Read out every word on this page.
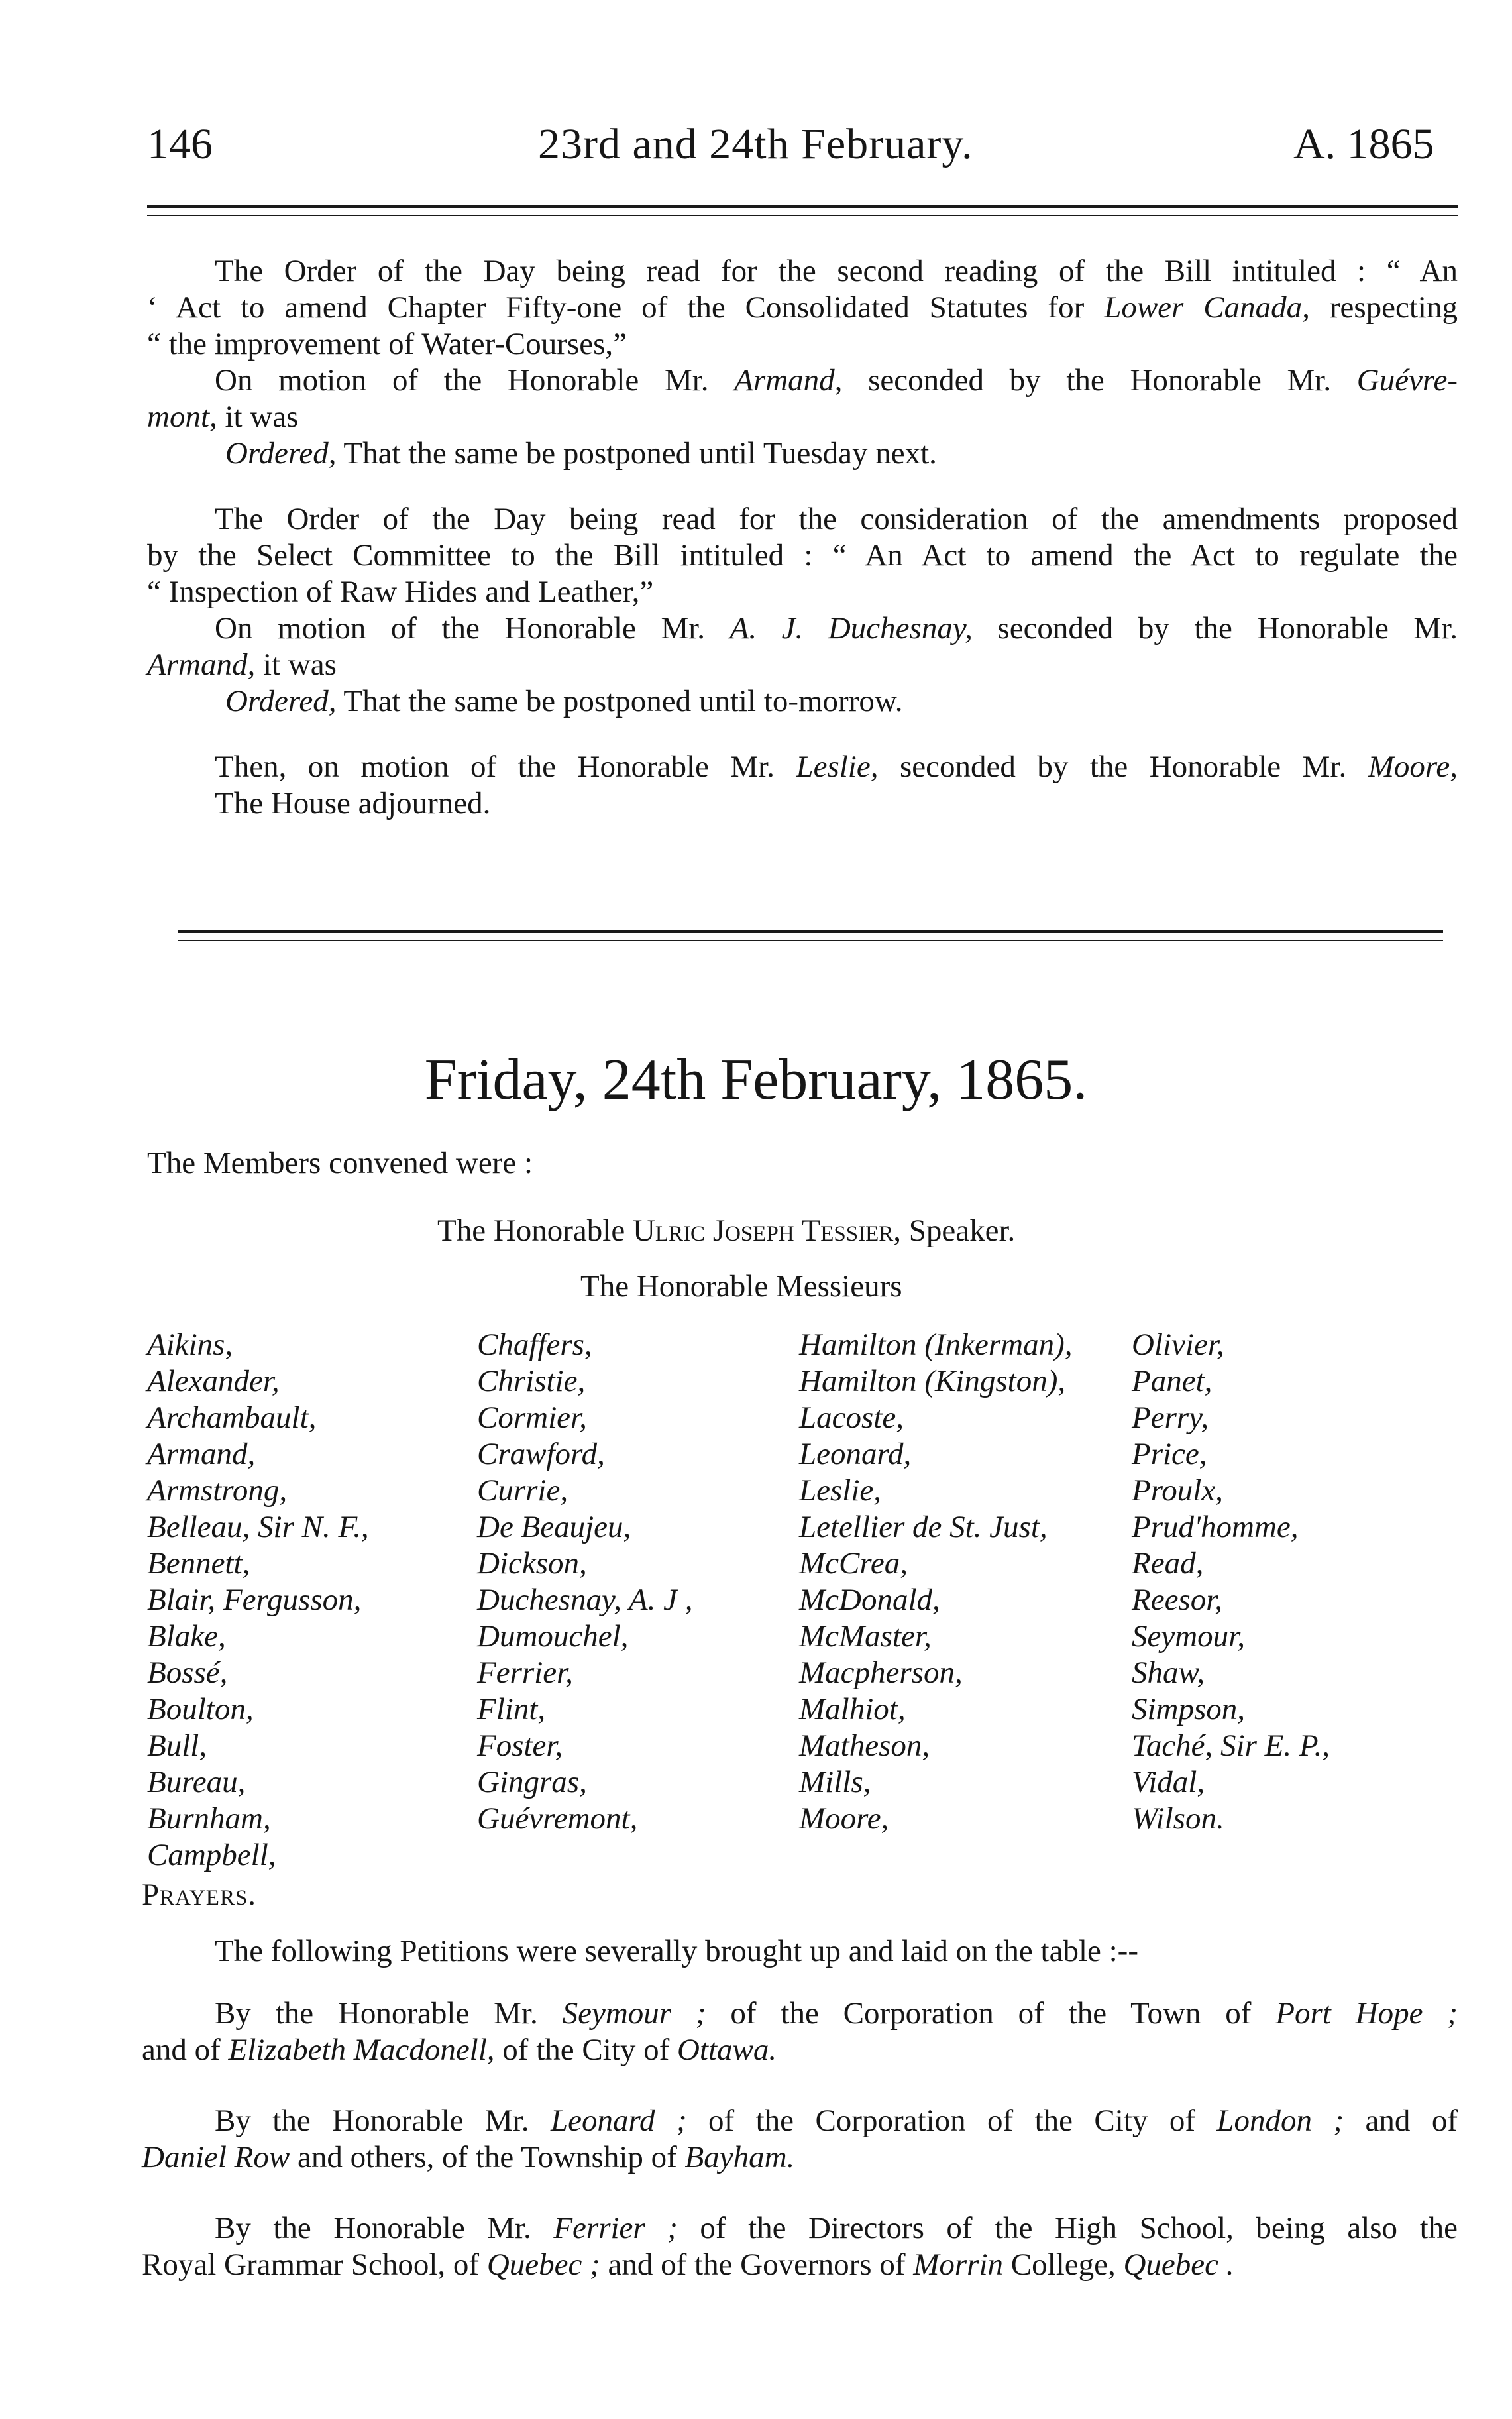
146	23rd and 24th February.	A. 1865
The Order of the Day being read for the second reading of the Bill intituled : “ An
‘ Act to amend Chapter Fifty-one of the Consolidated Statutes for Lower Canada, respecting
“ the improvement of Water-Courses,”
On motion of the Honorable Mr. Armand, seconded by the Honorable Mr. Guévre-
mont, it was
Ordered, That the same be postponed until Tuesday next.
The Order of the Day being read for the consideration of the amendments proposed
by the Select Committee to the Bill intituled : “ An Act to amend the Act to regulate the
“ Inspection of Raw Hides and Leather,”
On motion of the Honorable Mr. A. J. Duchesnay, seconded by the Honorable Mr.
Armand, it was
Ordered, That the same be postponed until to-morrow.
Then, on motion of the Honorable Mr. Leslie, seconded by the Honorable Mr. Moore,
The House adjourned.
Friday, 24th February, 1865.
The Members convened were :
The Honorable Ulric Joseph Tessier, Speaker.
The Honorable Messieurs
Aikins,
Alexander,
Archambault,
Armand,
Armstrong,
Belleau, Sir N. F.,
Bennett,
Blair, Fergusson,
Blake,
Bossé,
Boulton,
Bull,
Bureau,
Burnham,
Campbell,
Chaffers,
Christie,
Cormier,
Crawford,
Currie,
De Beaujeu,
Dickson,
Duchesnay, A. J ,
Dumouchel,
Ferrier,
Flint,
Foster,
Gingras,
Guévremont,
Hamilton (Inkerman),
Hamilton (Kingston),
Lacoste,
Leonard,
Leslie,
Letellier de St. Just,
McCrea,
McDonald,
McMaster,
Macpherson,
Malhiot,
Matheson,
Mills,
Moore,
Olivier,
Panet,
Perry,
Price,
Proulx,
Prud'homme,
Read,
Reesor,
Seymour,
Shaw,
Simpson,
Taché, Sir E. P.,
Vidal,
Wilson.
Prayers.
The following Petitions were severally brought up and laid on the table :--
By the Honorable Mr. Seymour ; of the Corporation of the Town of Port Hope ;
and of Elizabeth Macdonell, of the City of Ottawa.
By the Honorable Mr. Leonard ; of the Corporation of the City of London ; and of
Daniel Row and others, of the Township of Bayham.
By the Honorable Mr. Ferrier ; of the Directors of the High School, being also the
Royal Grammar School, of Quebec ; and of the Governors of Morrin College, Quebec .
